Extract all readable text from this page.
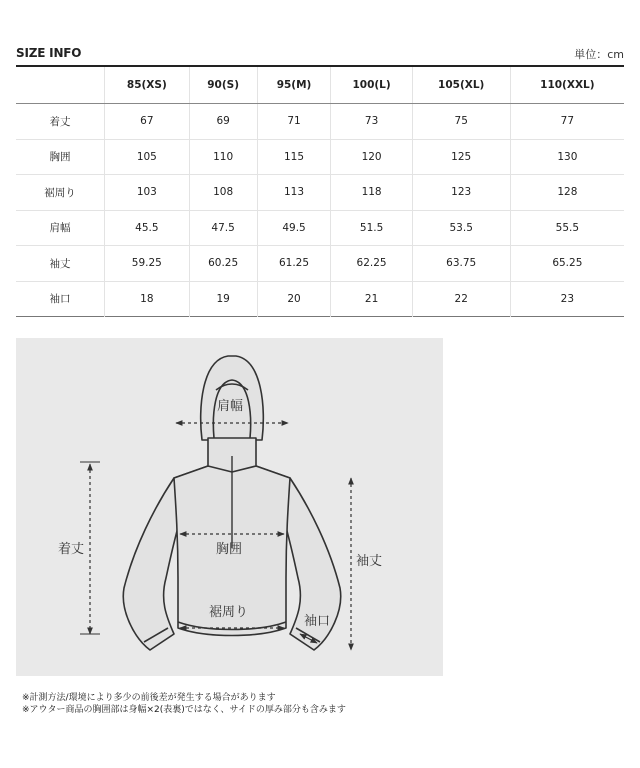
SIZE INFO	単位：cm
	85(XS)	90(S)	95(M)	100(L)	105(XL)	110(XXL)
着丈	67	69	71	73	75	77
胸囲	105	110	115	120	125	130
裾周り	103	108	113	118	123	128
肩幅	45.5	47.5	49.5	51.5	53.5	55.5
袖丈	59.25	60.25	61.25	62.25	63.75	65.25
袖口	18	19	20	21	22	23
肩幅
着丈	胸囲
裾周り
袖丈
袖口
※計測方法/環境により多少の前後差が発生する場合があります
※アウター商品の胸囲部は身幅×2(表裏)ではなく、サイドの厚み部分も含みます
